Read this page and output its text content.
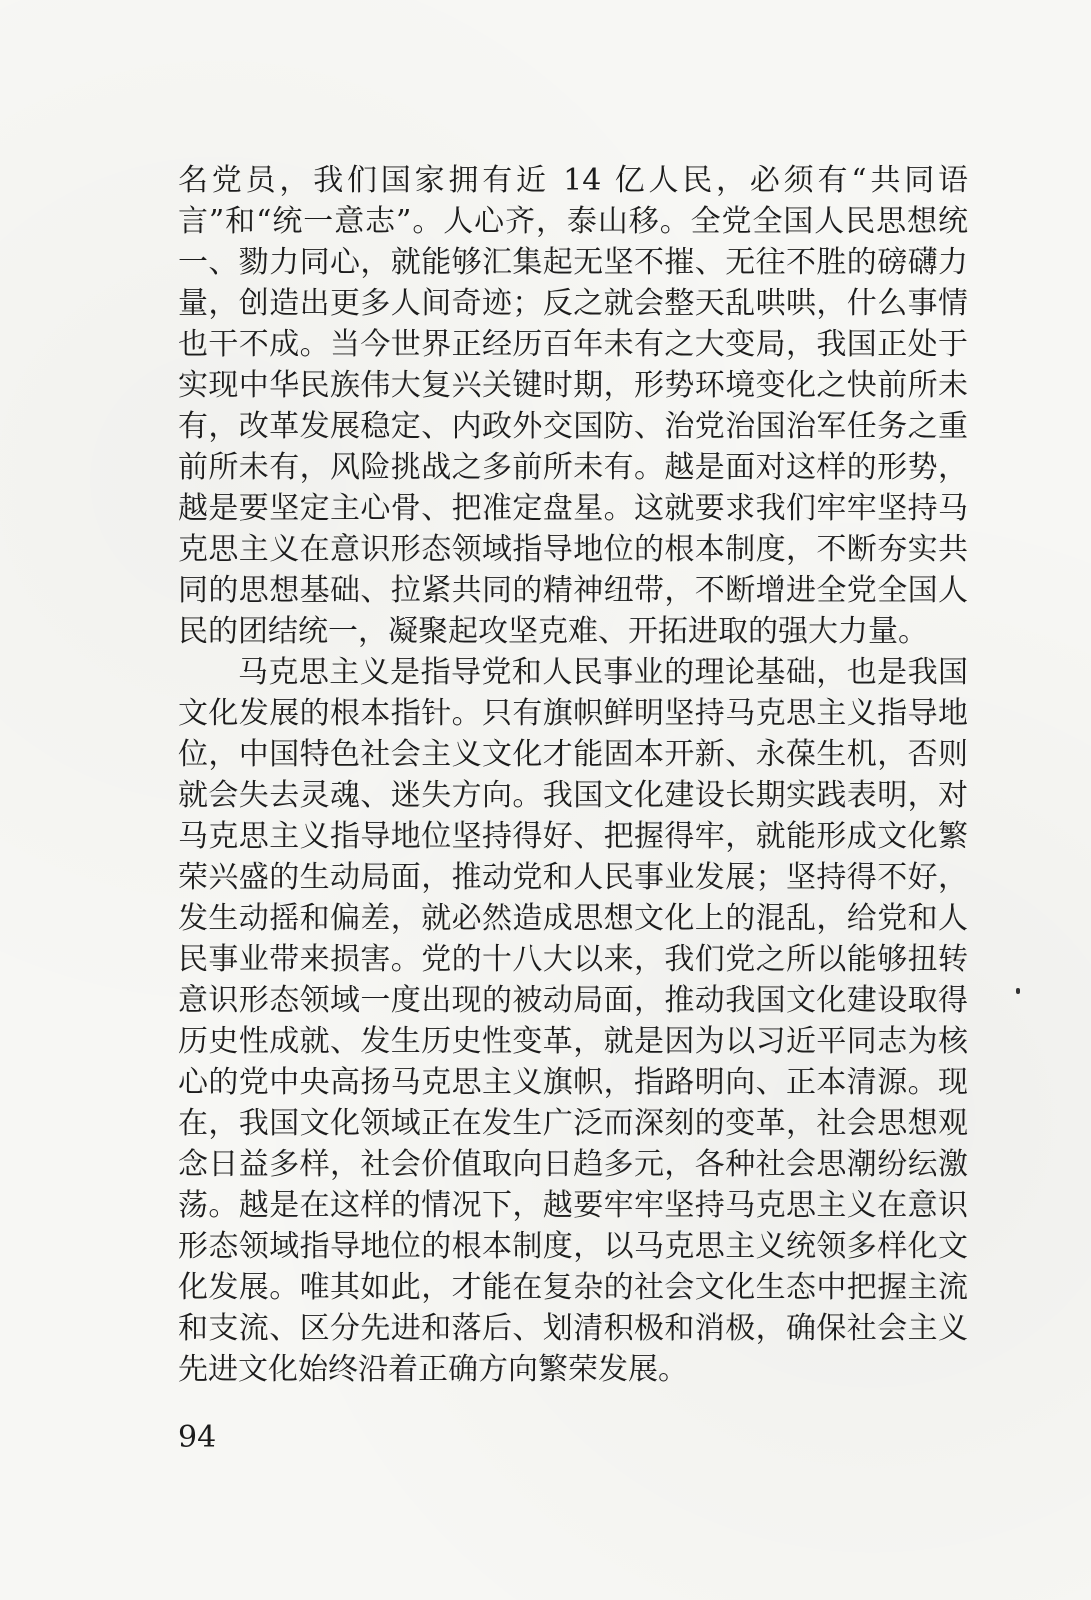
名党员，我们国家拥有近 14 亿人民，必须有“共同语言”和“统一意志”。人心齐，泰山移。全党全国人民思想统一、勠力同心，就能够汇集起无坚不摧、无往不胜的磅礴力量，创造出更多人间奇迹；反之就会整天乱哄哄，什么事情也干不成。当今世界正经历百年未有之大变局，我国正处于实现中华民族伟大复兴关键时期，形势环境变化之快前所未有，改革发展稳定、内政外交国防、治党治国治军任务之重前所未有，风险挑战之多前所未有。越是面对这样的形势，越是要坚定主心骨、把准定盘星。这就要求我们牢牢坚持马克思主义在意识形态领域指导地位的根本制度，不断夯实共同的思想基础、拉紧共同的精神纽带，不断增进全党全国人民的团结统一，凝聚起攻坚克难、开拓进取的强大力量。

马克思主义是指导党和人民事业的理论基础，也是我国文化发展的根本指针。只有旗帜鲜明坚持马克思主义指导地位，中国特色社会主义文化才能固本开新、永葆生机，否则就会失去灵魂、迷失方向。我国文化建设长期实践表明，对马克思主义指导地位坚持得好、把握得牢，就能形成文化繁荣兴盛的生动局面，推动党和人民事业发展；坚持得不好，发生动摇和偏差，就必然造成思想文化上的混乱，给党和人民事业带来损害。党的十八大以来，我们党之所以能够扭转意识形态领域一度出现的被动局面，推动我国文化建设取得历史性成就、发生历史性变革，就是因为以习近平同志为核心的党中央高扬马克思主义旗帜，指路明向、正本清源。现在，我国文化领域正在发生广泛而深刻的变革，社会思想观念日益多样，社会价值取向日趋多元，各种社会思潮纷纭激荡。越是在这样的情况下，越要牢牢坚持马克思主义在意识形态领域指导地位的根本制度，以马克思主义统领多样化文化发展。唯其如此，才能在复杂的社会文化生态中把握主流和支流、区分先进和落后、划清积极和消极，确保社会主义先进文化始终沿着正确方向繁荣发展。

94
